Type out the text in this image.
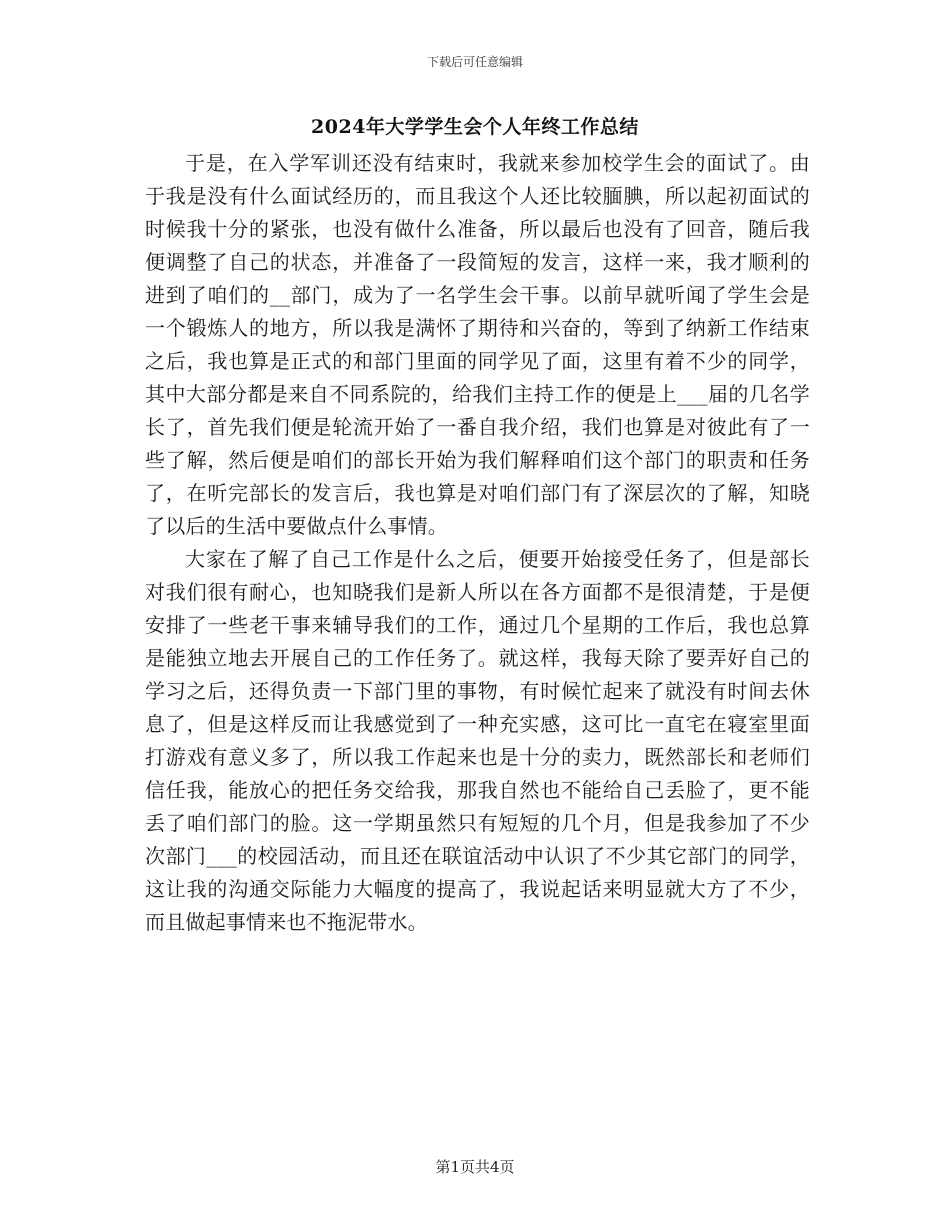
下载后可任意编辑
2024年大学学生会个人年终工作总结

于是，在入学军训还没有结束时，我就来参加校学生会的面试了。由于我是没有什么面试经历的，而且我这个人还比较腼腆，所以起初面试的时候我十分的紧张，也没有做什么准备，所以最后也没有了回音，随后我便调整了自己的状态，并准备了一段简短的发言，这样一来，我才顺利的进到了咱们的__部门，成为了一名学生会干事。以前早就听闻了学生会是一个锻炼人的地方，所以我是满怀了期待和兴奋的，等到了纳新工作结束之后，我也算是正式的和部门里面的同学见了面，这里有着不少的同学，其中大部分都是来自不同系院的，给我们主持工作的便是上___届的几名学长了，首先我们便是轮流开始了一番自我介绍，我们也算是对彼此有了一些了解，然后便是咱们的部长开始为我们解释咱们这个部门的职责和任务了，在听完部长的发言后，我也算是对咱们部门有了深层次的了解，知晓了以后的生活中要做点什么事情。

大家在了解了自己工作是什么之后，便要开始接受任务了，但是部长对我们很有耐心，也知晓我们是新人所以在各方面都不是很清楚，于是便安排了一些老干事来辅导我们的工作，通过几个星期的工作后，我也总算是能独立地去开展自己的工作任务了。就这样，我每天除了要弄好自己的学习之后，还得负责一下部门里的事物，有时候忙起来了就没有时间去休息了，但是这样反而让我感觉到了一种充实感，这可比一直宅在寝室里面打游戏有意义多了，所以我工作起来也是十分的卖力，既然部长和老师们信任我，能放心的把任务交给我，那我自然也不能给自己丢脸了，更不能丢了咱们部门的脸。这一学期虽然只有短短的几个月，但是我参加了不少次部门___的校园活动，而且还在联谊活动中认识了不少其它部门的同学，这让我的沟通交际能力大幅度的提高了，我说起话来明显就大方了不少，而且做起事情来也不拖泥带水。

第1页共4页
